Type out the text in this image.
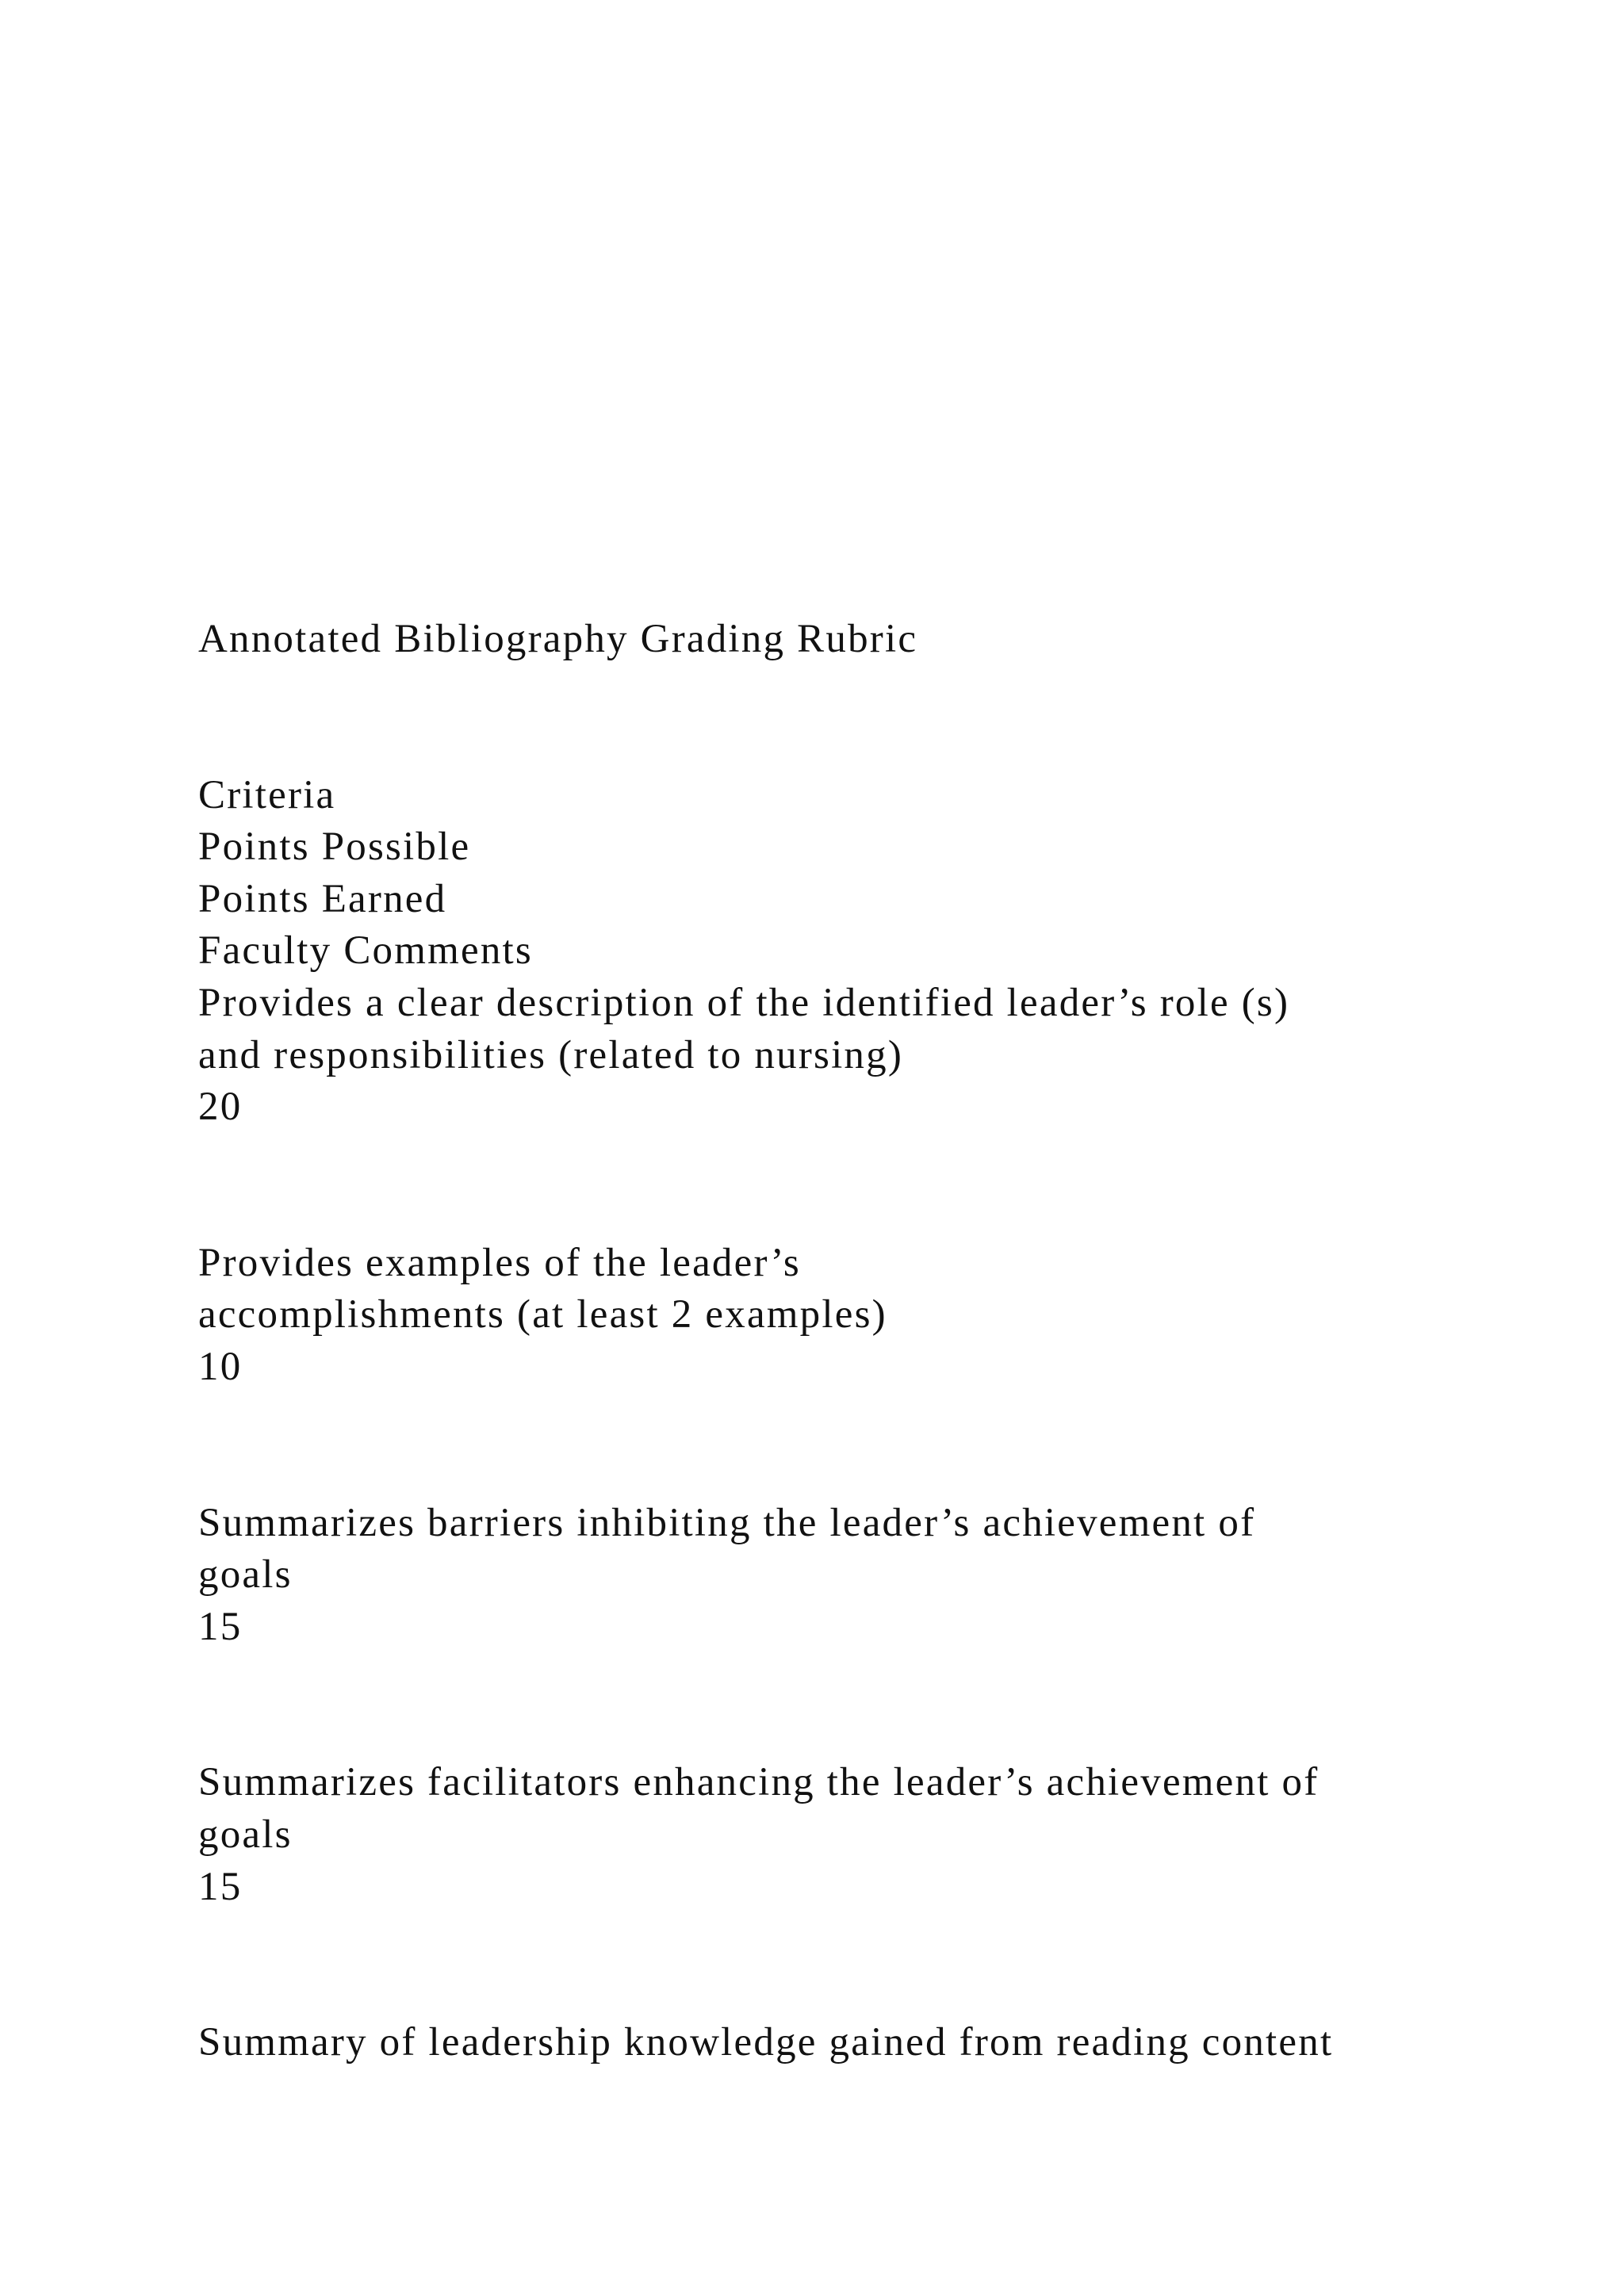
Annotated Bibliography Grading Rubric
Criteria
Points Possible
Points Earned
Faculty Comments
Provides a clear description of the identified leader’s role (s)
and responsibilities (related to nursing)
20
Provides examples of the leader’s
accomplishments (at least 2 examples)
10
Summarizes barriers inhibiting the leader’s achievement of
goals
15
Summarizes facilitators enhancing the leader’s achievement of
goals
15
Summary of leadership knowledge gained from reading content
